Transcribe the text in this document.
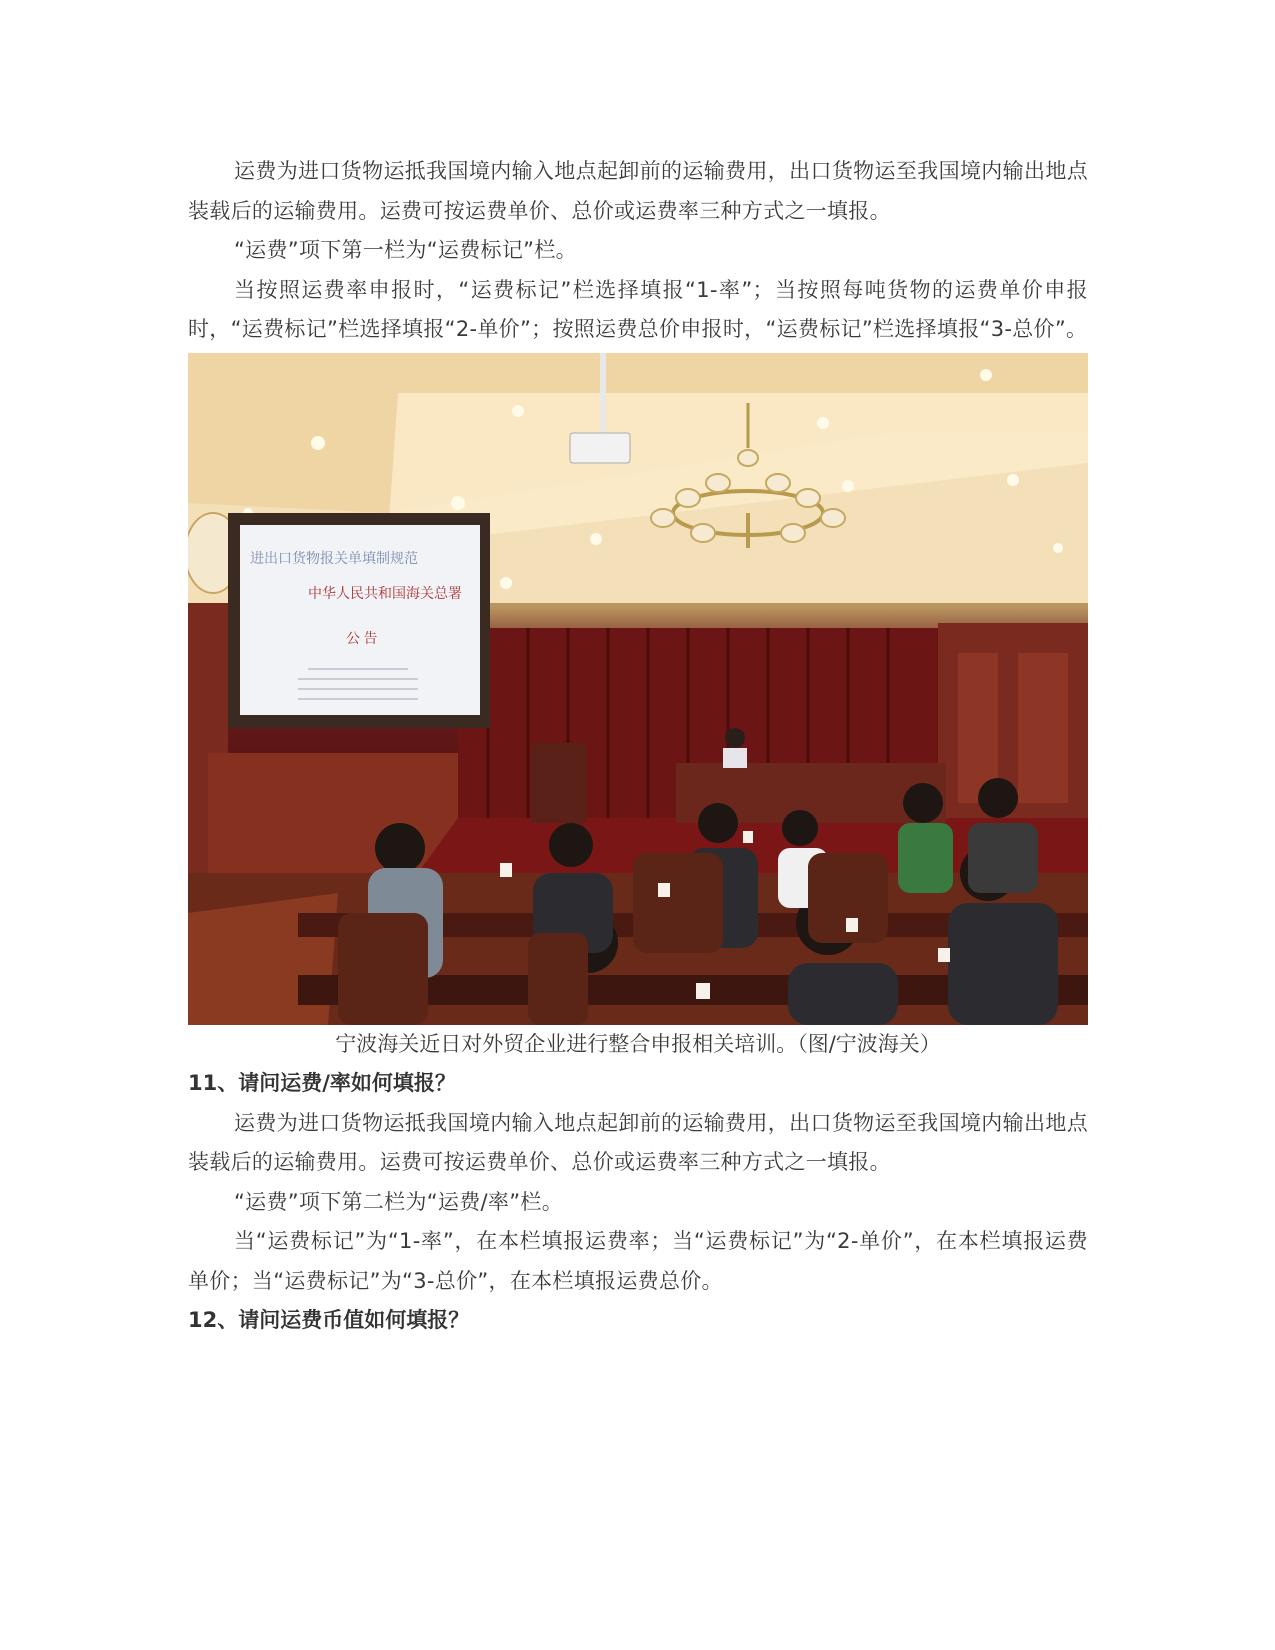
运费为进口货物运抵我国境内输入地点起卸前的运输费用，出口货物运至我国境内输出地点装载后的运输费用。运费可按运费单价、总价或运费率三种方式之一填报。

“运费”项下第一栏为“运费标记”栏。

当按照运费率申报时，“运费标记”栏选择填报“1-率”；当按照每吨货物的运费单价申报时，“运费标记”栏选择填报“2-单价”；按照运费总价申报时，“运费标记”栏选择填报“3-总价”。

进出口货物报关单填制规范
中华人民共和国海关总署
公 告

宁波海关近日对外贸企业进行整合申报相关培训。（图/宁波海关）

11、请问运费/率如何填报？

运费为进口货物运抵我国境内输入地点起卸前的运输费用，出口货物运至我国境内输出地点装载后的运输费用。运费可按运费单价、总价或运费率三种方式之一填报。

“运费”项下第二栏为“运费/率”栏。

当“运费标记”为“1-率”，在本栏填报运费率；当“运费标记”为“2-单价”，在本栏填报运费单价；当“运费标记”为“3-总价”，在本栏填报运费总价。

12、请问运费币值如何填报？
